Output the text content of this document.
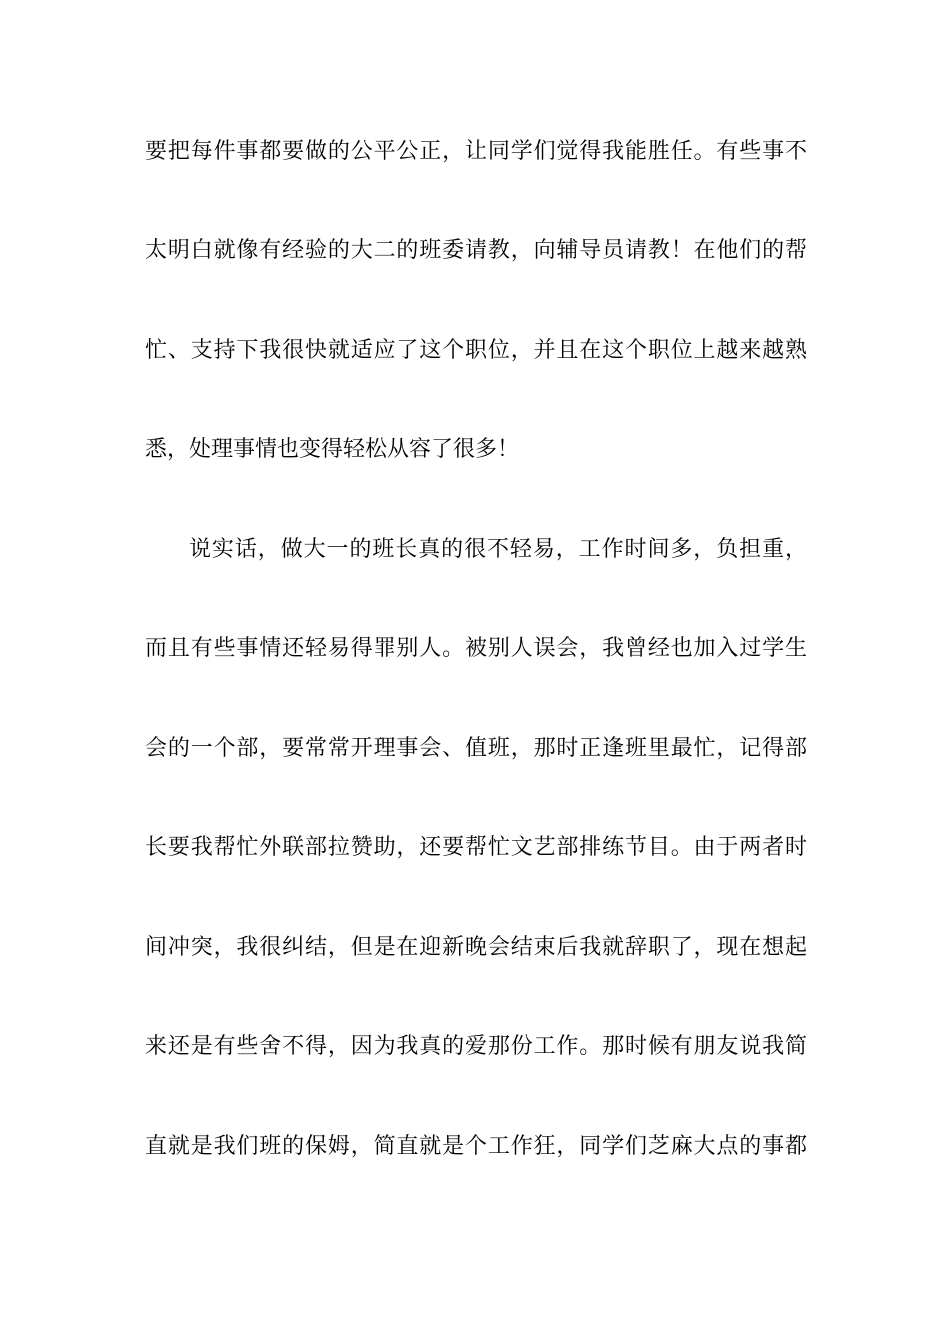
要把每件事都要做的公平公正，让同学们觉得我能胜任。有些事不
太明白就像有经验的大二的班委请教，向辅导员请教！在他们的帮
忙、支持下我很快就适应了这个职位，并且在这个职位上越来越熟
悉，处理事情也变得轻松从容了很多！
说实话，做大一的班长真的很不轻易，工作时间多，负担重，
而且有些事情还轻易得罪别人。被别人误会，我曾经也加入过学生
会的一个部，要常常开理事会、值班，那时正逢班里最忙，记得部
长要我帮忙外联部拉赞助，还要帮忙文艺部排练节目。由于两者时
间冲突，我很纠结，但是在迎新晚会结束后我就辞职了，现在想起
来还是有些舍不得，因为我真的爱那份工作。那时候有朋友说我简
直就是我们班的保姆，简直就是个工作狂，同学们芝麻大点的事都
